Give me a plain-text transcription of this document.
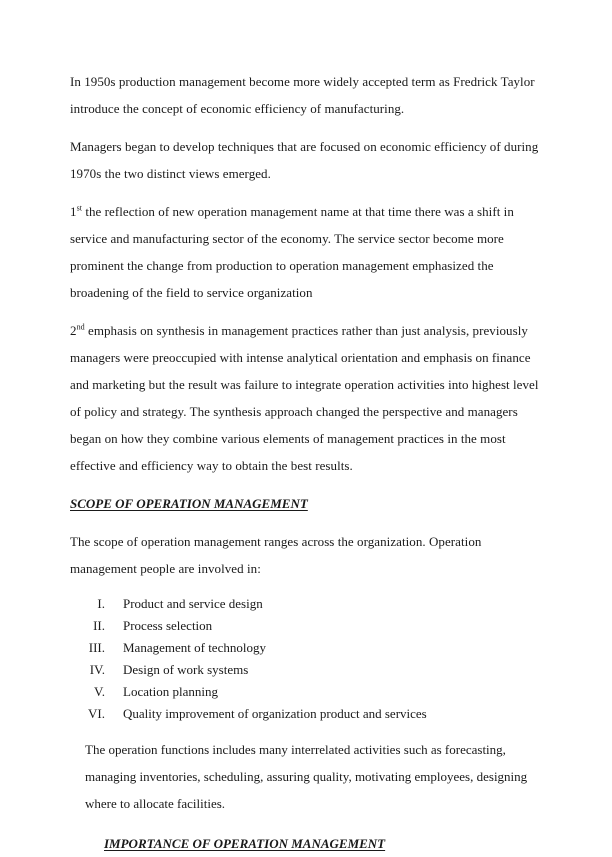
In 1950s production management become more widely accepted term as Fredrick Taylor introduce the concept of economic efficiency of manufacturing.

Managers began to develop techniques that are focused on economic efficiency of during 1970s the two distinct views emerged.

1st the reflection of new operation management name at that time there was a shift in service and manufacturing sector of the economy. The service sector become more prominent the change from production to operation management emphasized the broadening of the field to service organization

2nd emphasis on synthesis in management practices rather than just analysis, previously managers were preoccupied with intense analytical orientation and emphasis on finance and marketing but the result was failure to integrate operation activities into highest level of policy and strategy. The synthesis approach changed the perspective and managers began on how they combine various elements of management practices in the most effective and efficiency way to obtain the best results.

SCOPE OF OPERATION MANAGEMENT

The scope of operation management ranges across the organization. Operation management people are involved in:

I.	Product and service design
II.	Process selection
III.	Management of technology
IV.	Design of work systems
V.	Location planning
VI.	Quality improvement of organization product and services

The operation functions includes many interrelated activities such as forecasting, managing inventories, scheduling, assuring quality, motivating employees, designing where to allocate facilities.

IMPORTANCE OF OPERATION MANAGEMENT
